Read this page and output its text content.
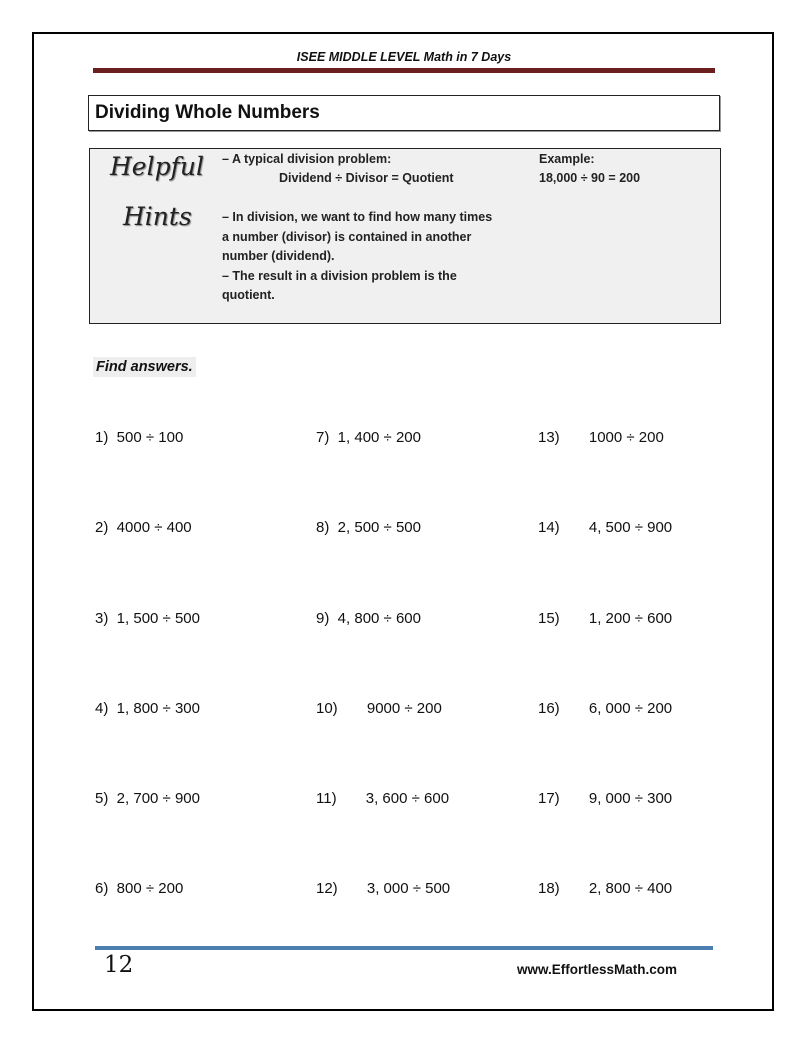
ISEE MIDDLE LEVEL Math in 7 Days
Dividing Whole Numbers
Helpful
Hints
– A typical division problem:
Dividend ÷ Divisor = Quotient
Example:
18,000 ÷ 90 = 200
– In division, we want to find how many times
a number (divisor) is contained in another
number (dividend).
– The result in a division problem is the
quotient.
Find answers.
1)  500 ÷ 100
2)  4000 ÷ 400
3)  1, 500 ÷ 500
4)  1, 800 ÷ 300
5)  2, 700 ÷ 900
6)  800 ÷ 200
7)  1, 400 ÷ 200
8)  2, 500 ÷ 500
9)  4, 800 ÷ 600
10)       9000 ÷ 200
11)       3, 600 ÷ 600
12)       3, 000 ÷ 500
13)       1000 ÷ 200
14)       4, 500 ÷ 900
15)       1, 200 ÷ 600
16)       6, 000 ÷ 200
17)       9, 000 ÷ 300
18)       2, 800 ÷ 400
12	www.EffortlessMath.com
